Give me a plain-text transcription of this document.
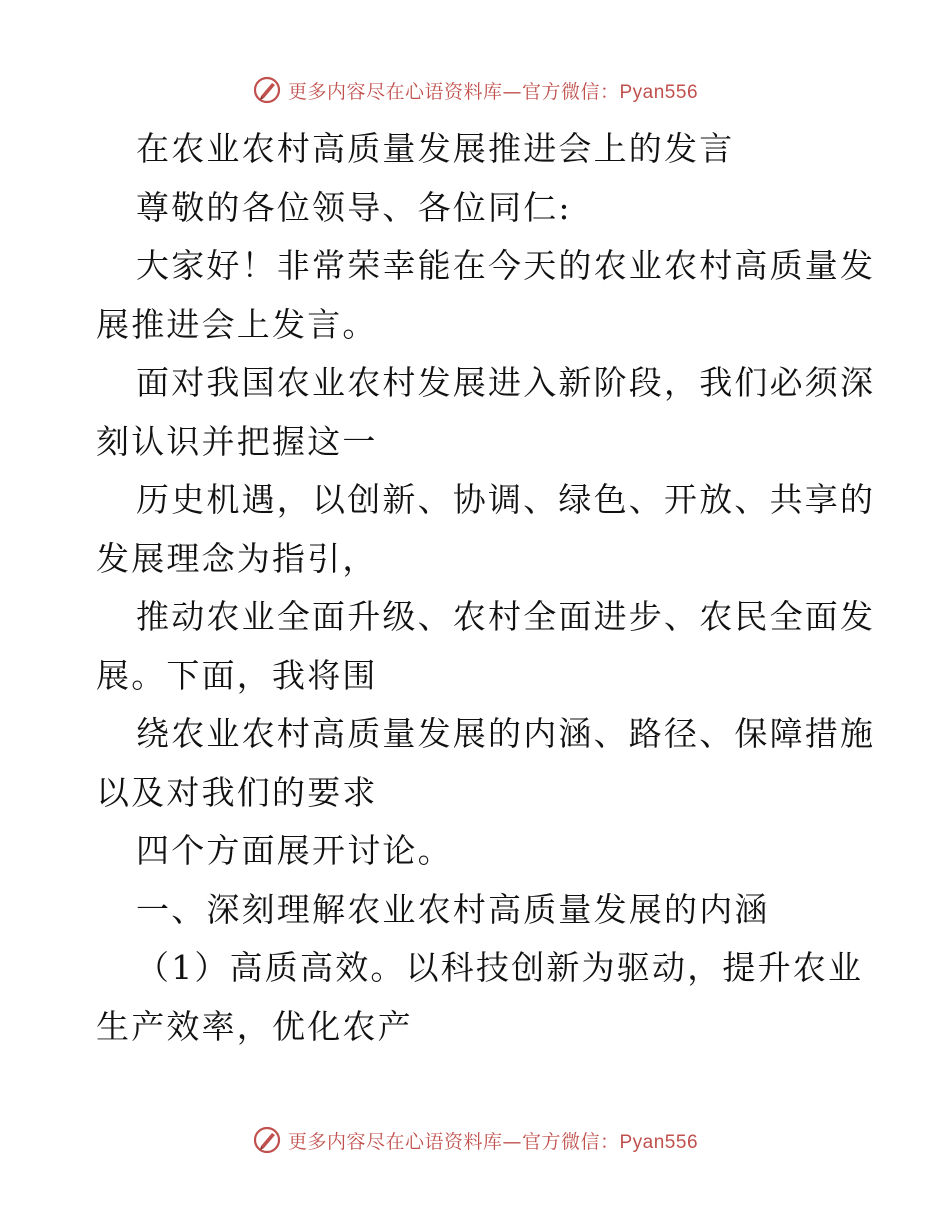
更多内容尽在心语资料库—官方微信：Pyan556

在农业农村高质量发展推进会上的发言

尊敬的各位领导、各位同仁:

大家好！非常荣幸能在今天的农业农村高质量发
展推进会上发言。

面对我国农业农村发展进入新阶段，我们必须深
刻认识并把握这一

历史机遇，以创新、协调、绿色、开放、共享的
发展理念为指引，

推动农业全面升级、农村全面进步、农民全面发
展。下面，我将围

绕农业农村高质量发展的内涵、路径、保障措施
以及对我们的要求

四个方面展开讨论。

一、深刻理解农业农村高质量发展的内涵

（1）高质高效。以科技创新为驱动，提升农业
生产效率，优化农产

更多内容尽在心语资料库—官方微信：Pyan556
